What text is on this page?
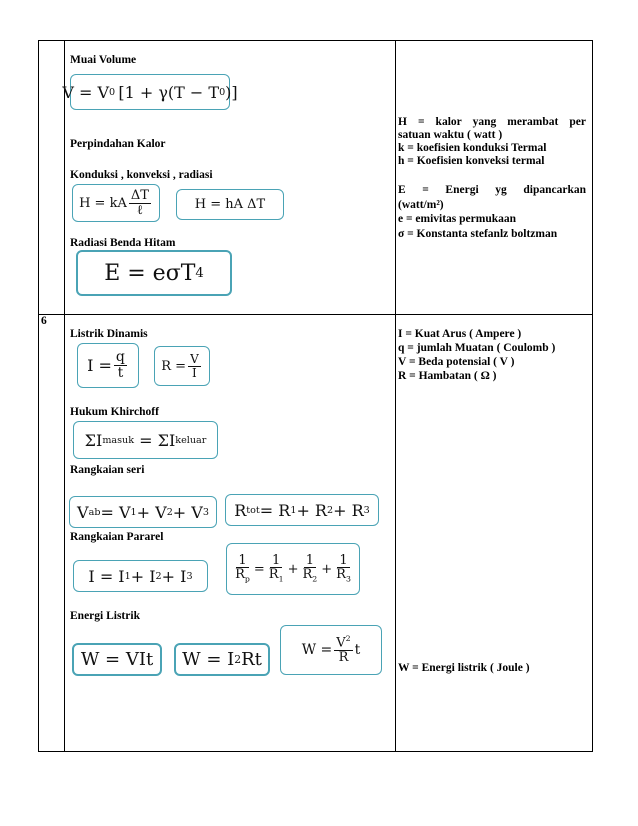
6
Muai Volume
V = V 0  [1 + γ(T − T 0 )]
Perpindahan Kalor
Konduksi , konveksi , radiasi
H = kA $\frac{\Delta T}{\text{ℓ}}$	H = hA ΔT
Radiasi Benda Hitam
E = eσT 4
H = kalor yang merambat per
satuan waktu ( watt )
k = koefisien konduksi Termal
h = Koefisien konveksi termal
E = Energi yg dipancarkan
(watt/m²)
e = emivitas permukaan
σ = Konstanta stefanlz boltzman
Listrik Dinamis
$I = \frac{q}{t}$	$R = \frac{V}{I}$
Hukum Khirchoff
ΣI masuk = ΣI keluar
Rangkaian seri
V ab = V 1 + V 2 + V 3	R tot = R 1 + R 2 + R 3
Rangkaian Pararel
I = I 1 + I 2 + I 3	$\frac{1}{R_p} = \frac{1}{R_1} + \frac{1}{R_2} + \frac{1}{R_3}$
Energi Listrik
W = VIt	W = I 2 Rt	$W = \frac{V^2}{R}$ t
I = Kuat Arus ( Ampere )
q = jumlah Muatan ( Coulomb )
V = Beda potensial ( V )
R = Hambatan ( Ω )
W = Energi listrik ( Joule )
